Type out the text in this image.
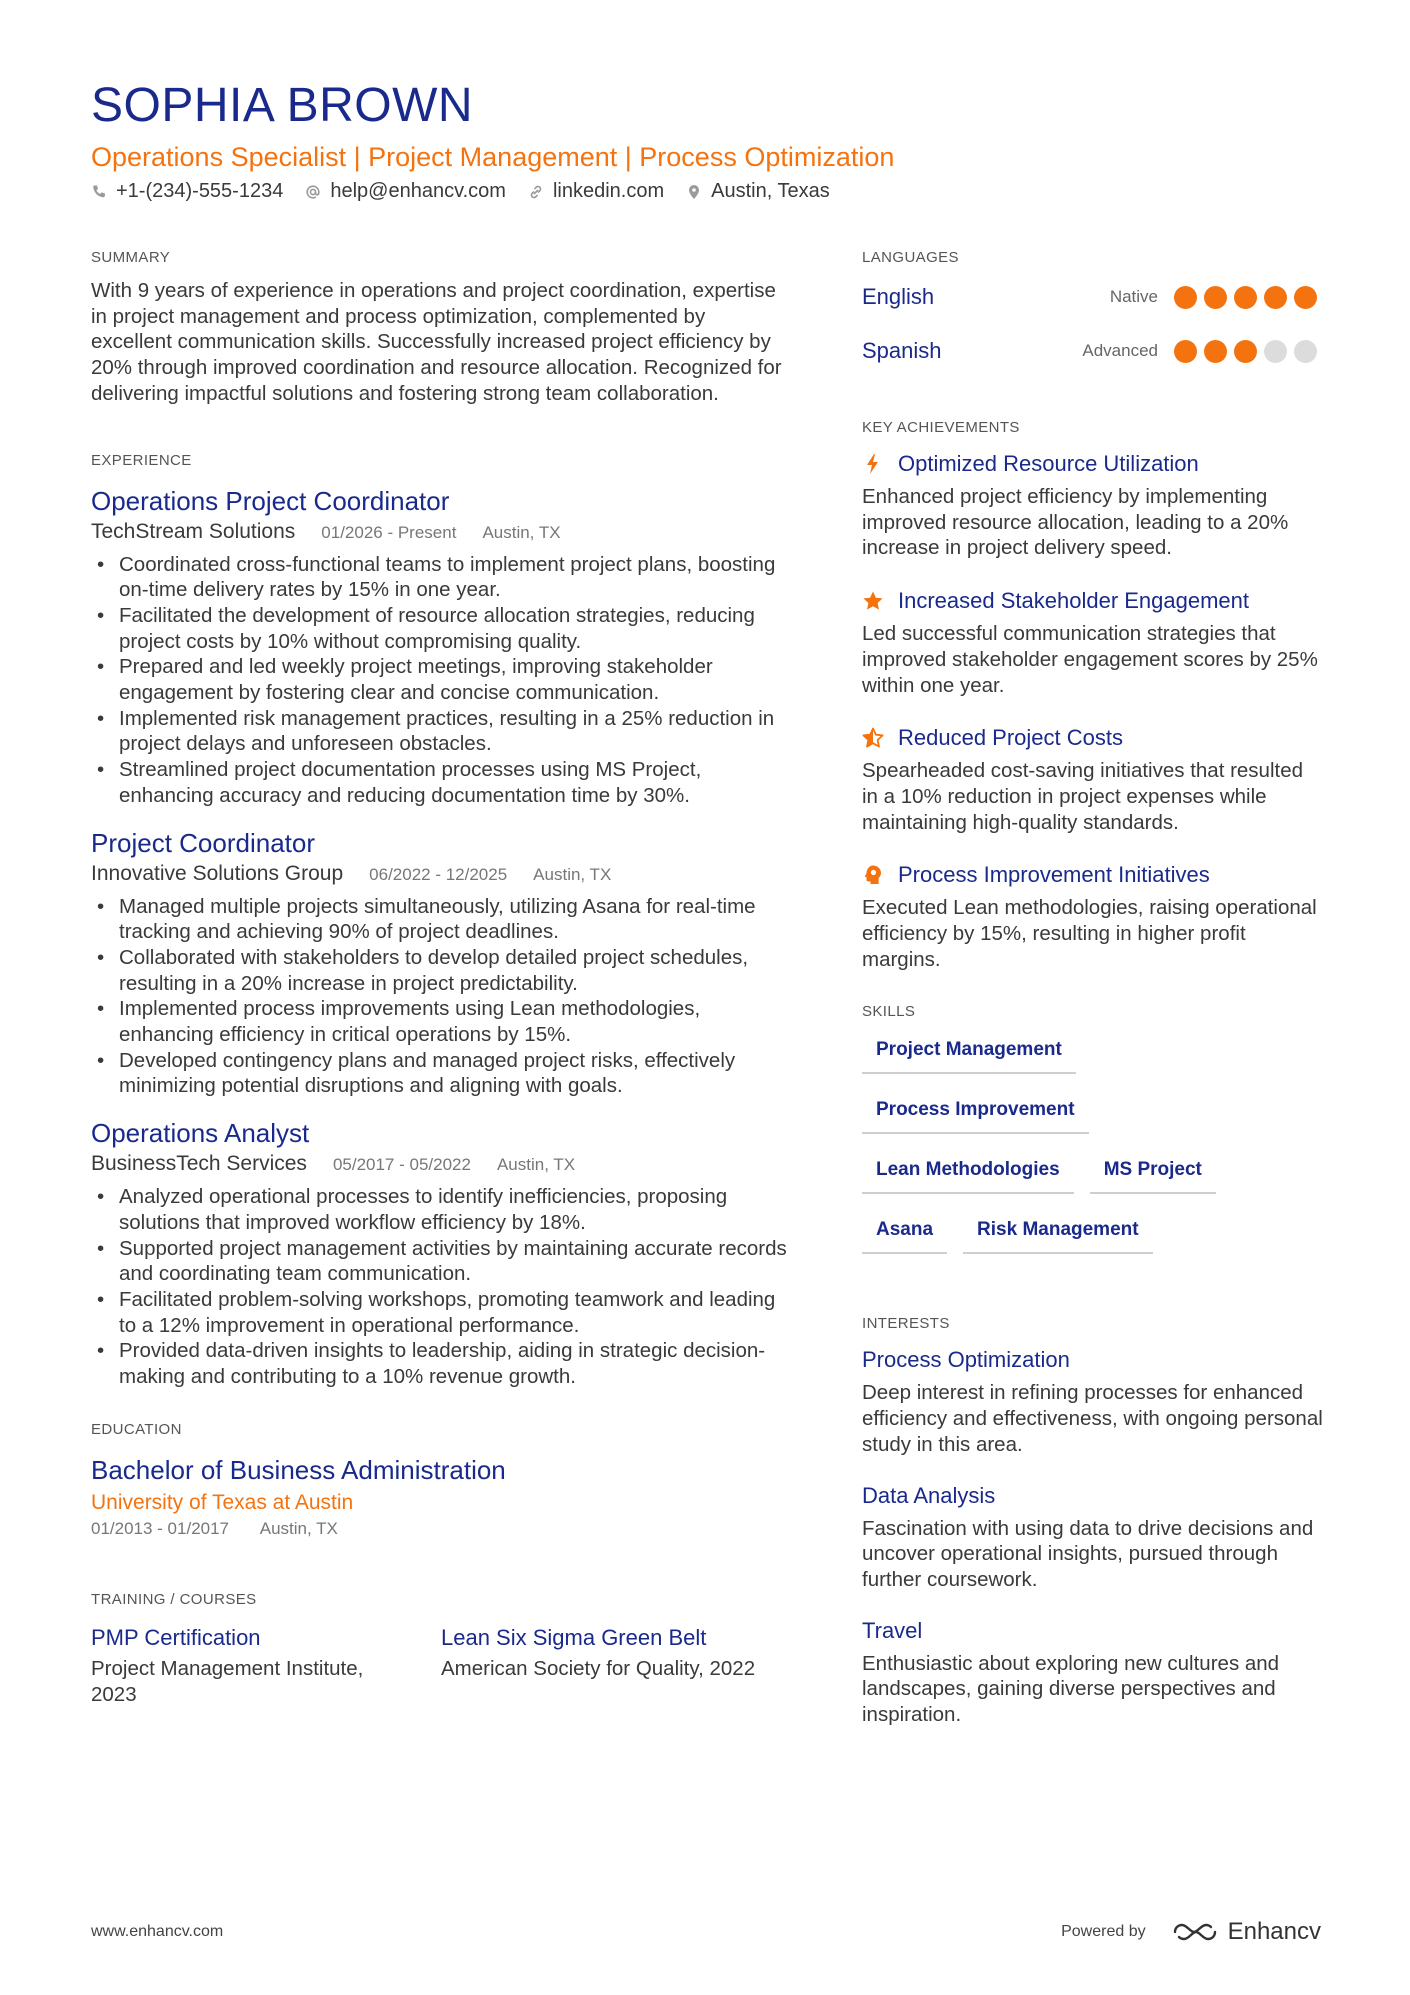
SOPHIA BROWN
Operations Specialist | Project Management | Process Optimization
+1-(234)-555-1234 help@enhancv.com linkedin.com Austin, Texas
SUMMARY
With 9 years of experience in operations and project coordination, expertise in project management and process optimization, complemented by excellent communication skills. Successfully increased project efficiency by 20% through improved coordination and resource allocation. Recognized for delivering impactful solutions and fostering strong team collaboration.
EXPERIENCE
Operations Project Coordinator
TechStream Solutions 01/2026 - Present Austin, TX
• Coordinated cross-functional teams to implement project plans, boosting on-time delivery rates by 15% in one year.
• Facilitated the development of resource allocation strategies, reducing project costs by 10% without compromising quality.
• Prepared and led weekly project meetings, improving stakeholder engagement by fostering clear and concise communication.
• Implemented risk management practices, resulting in a 25% reduction in project delays and unforeseen obstacles.
• Streamlined project documentation processes using MS Project, enhancing accuracy and reducing documentation time by 30%.
Project Coordinator
Innovative Solutions Group 06/2022 - 12/2025 Austin, TX
• Managed multiple projects simultaneously, utilizing Asana for real-time tracking and achieving 90% of project deadlines.
• Collaborated with stakeholders to develop detailed project schedules, resulting in a 20% increase in project predictability.
• Implemented process improvements using Lean methodologies, enhancing efficiency in critical operations by 15%.
• Developed contingency plans and managed project risks, effectively minimizing potential disruptions and aligning with goals.
Operations Analyst
BusinessTech Services 05/2017 - 05/2022 Austin, TX
• Analyzed operational processes to identify inefficiencies, proposing solutions that improved workflow efficiency by 18%.
• Supported project management activities by maintaining accurate records and coordinating team communication.
• Facilitated problem-solving workshops, promoting teamwork and leading to a 12% improvement in operational performance.
• Provided data-driven insights to leadership, aiding in strategic decision-making and contributing to a 10% revenue growth.
EDUCATION
Bachelor of Business Administration
University of Texas at Austin
01/2013 - 01/2017 Austin, TX
TRAINING / COURSES
PMP Certification
Project Management Institute, 2023
Lean Six Sigma Green Belt
American Society for Quality, 2022
LANGUAGES
English	Native
Spanish	Advanced
KEY ACHIEVEMENTS
Optimized Resource Utilization
Enhanced project efficiency by implementing improved resource allocation, leading to a 20% increase in project delivery speed.
Increased Stakeholder Engagement
Led successful communication strategies that improved stakeholder engagement scores by 25% within one year.
Reduced Project Costs
Spearheaded cost-saving initiatives that resulted in a 10% reduction in project expenses while maintaining high-quality standards.
Process Improvement Initiatives
Executed Lean methodologies, raising operational efficiency by 15%, resulting in higher profit margins.
SKILLS
Project Management
Process Improvement
Lean Methodologies	MS Project
Asana	Risk Management
INTERESTS
Process Optimization
Deep interest in refining processes for enhanced efficiency and effectiveness, with ongoing personal study in this area.
Data Analysis
Fascination with using data to drive decisions and uncover operational insights, pursued through further coursework.
Travel
Enthusiastic about exploring new cultures and landscapes, gaining diverse perspectives and inspiration.
www.enhancv.com	Powered by	Enhancv
